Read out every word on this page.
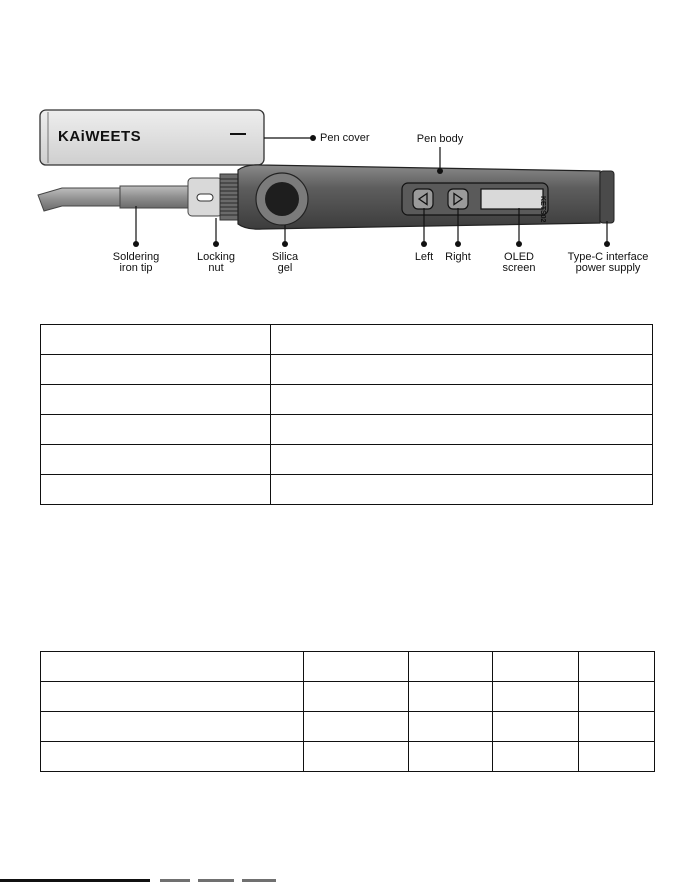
KAiWEETS
KETS02
Pen cover	Pen body
Soldering
iron tip
Locking
nut
Silica
gel
Left	Right	OLED
screen
Type-C interface
power supply
